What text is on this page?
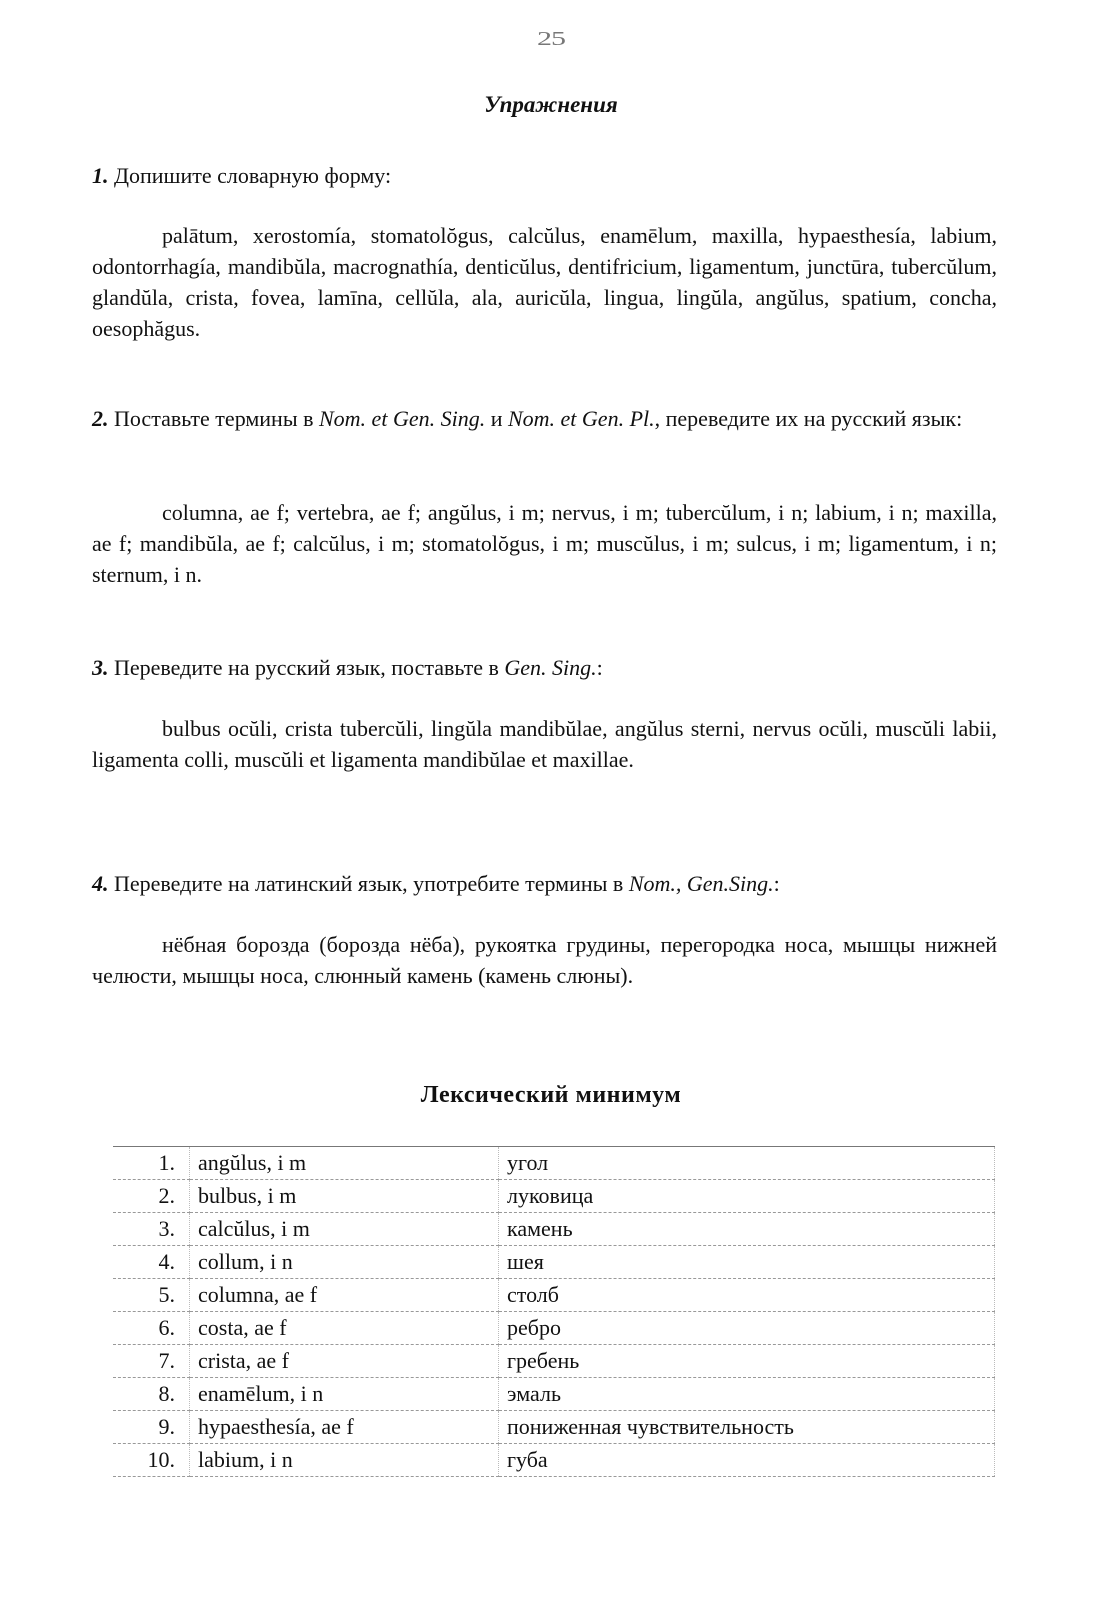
25
Упражнения
1. Допишите словарную форму:
palātum, xerostomía, stomatolŏgus, calcŭlus, enamēlum, maxilla, hypaesthesía, labium, odontorrhagía, mandibŭla, macrognathía, denticŭlus, dentifricium, ligamentum, junctūra, tubercŭlum, glandŭla, crista, fovea, lamīna, cellŭla, ala, auricŭla, lingua, lingŭla, angŭlus, spatium, concha, oesophăgus.
2. Поставьте термины в Nom. et Gen. Sing. и Nom. et Gen. Pl., переведите их на русский язык:
columna, ae f; vertebra, ae f; angŭlus, i m; nervus, i m; tubercŭlum, i n; labium, i n; maxilla, ae f; mandibŭla, ae f; calcŭlus, i m; stomatolŏgus, i m; muscŭlus, i m; sulcus, i m; ligamentum, i n; sternum, i n.
3. Переведите на русский язык, поставьте в Gen. Sing.:
bulbus ocŭli, crista tubercŭli, lingŭla mandibŭlae, angŭlus sterni, nervus ocŭli, muscŭli labii, ligamenta colli, muscŭli et ligamenta mandibŭlae et maxillae.
4. Переведите на латинский язык, употребите термины в Nom., Gen.Sing.:
нёбная борозда (борозда нёба), рукоятка грудины, перегородка носа, мышцы нижней челюсти, мышцы носа, слюнный камень (камень слюны).
Лексический минимум
1.	angŭlus, i m	угол
2.	bulbus, i m	луковица
3.	calcŭlus, i m	камень
4.	collum, i n	шея
5.	columna, ae f	столб
6.	costa, ae f	ребро
7.	crista, ae f	гребень
8.	enamēlum, i n	эмаль
9.	hypaesthesía, ae f	пониженная чувствительность
10.	labium, i n	губа
